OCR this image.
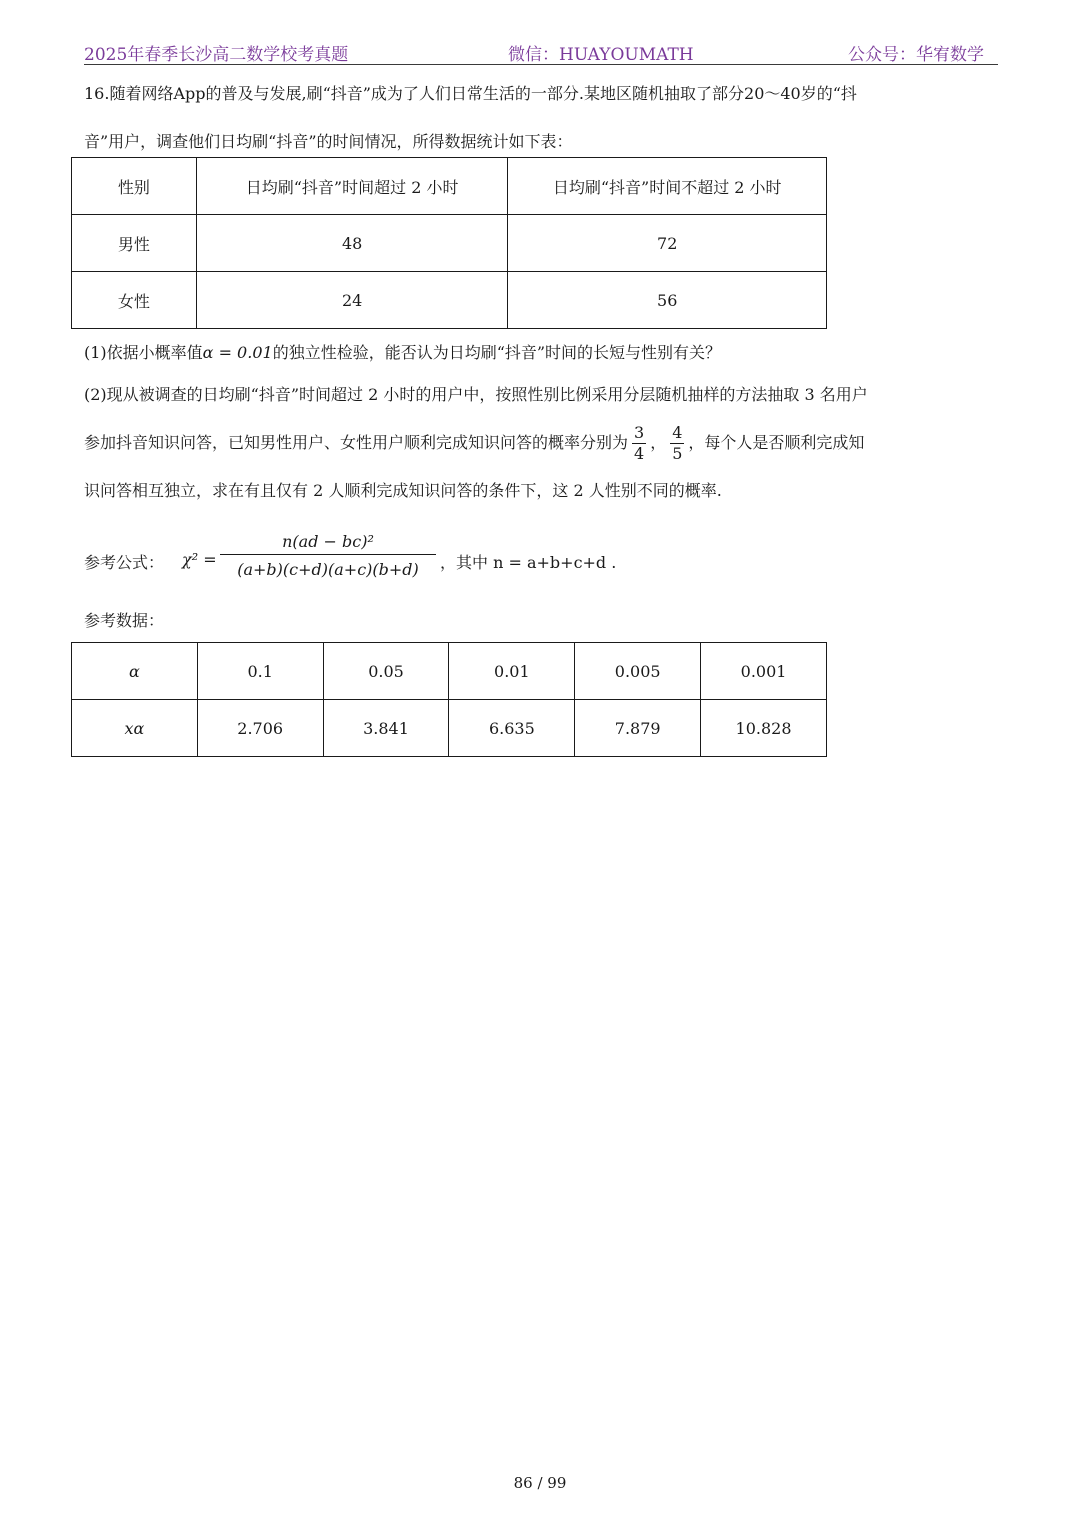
2025年春季长沙高二数学校考真题	微信：HUAYOUMATH	公众号：华宥数学

16.随着网络App的普及与发展,刷“抖音”成为了人们日常生活的一部分.某地区随机抽取了部分20～40岁的“抖

音”用户，调查他们日均刷“抖音”的时间情况，所得数据统计如下表：

性别	日均刷“抖音”时间超过 2 小时	日均刷“抖音”时间不超过 2 小时
男性	48	72
女性	24	56

(1)依据小概率值α = 0.01的独立性检验，能否认为日均刷“抖音”时间的长短与性别有关？

(2)现从被调查的日均刷“抖音”时间超过 2 小时的用户中，按照性别比例采用分层随机抽样的方法抽取 3 名用户

参加抖音知识问答，已知男性用户、女性用户顺利完成知识问答的概率分别为 $\frac{3}{4}$ ， $\frac{4}{5}$ ，每个人是否顺利完成知

识问答相互独立，求在有且仅有 2 人顺利完成知识问答的条件下，这 2 人性别不同的概率.

参考公式： $\chi^2 = \frac{\text{n(ad − bc)²}}{(a+b)(c+d)(a+c)(b+d)}$ ，其中 n = a+b+c+d .
参考数据：
α	0.1	0.05	0.01	0.005	0.001
xα	2.706	3.841	6.635	7.879	10.828
86 / 99
